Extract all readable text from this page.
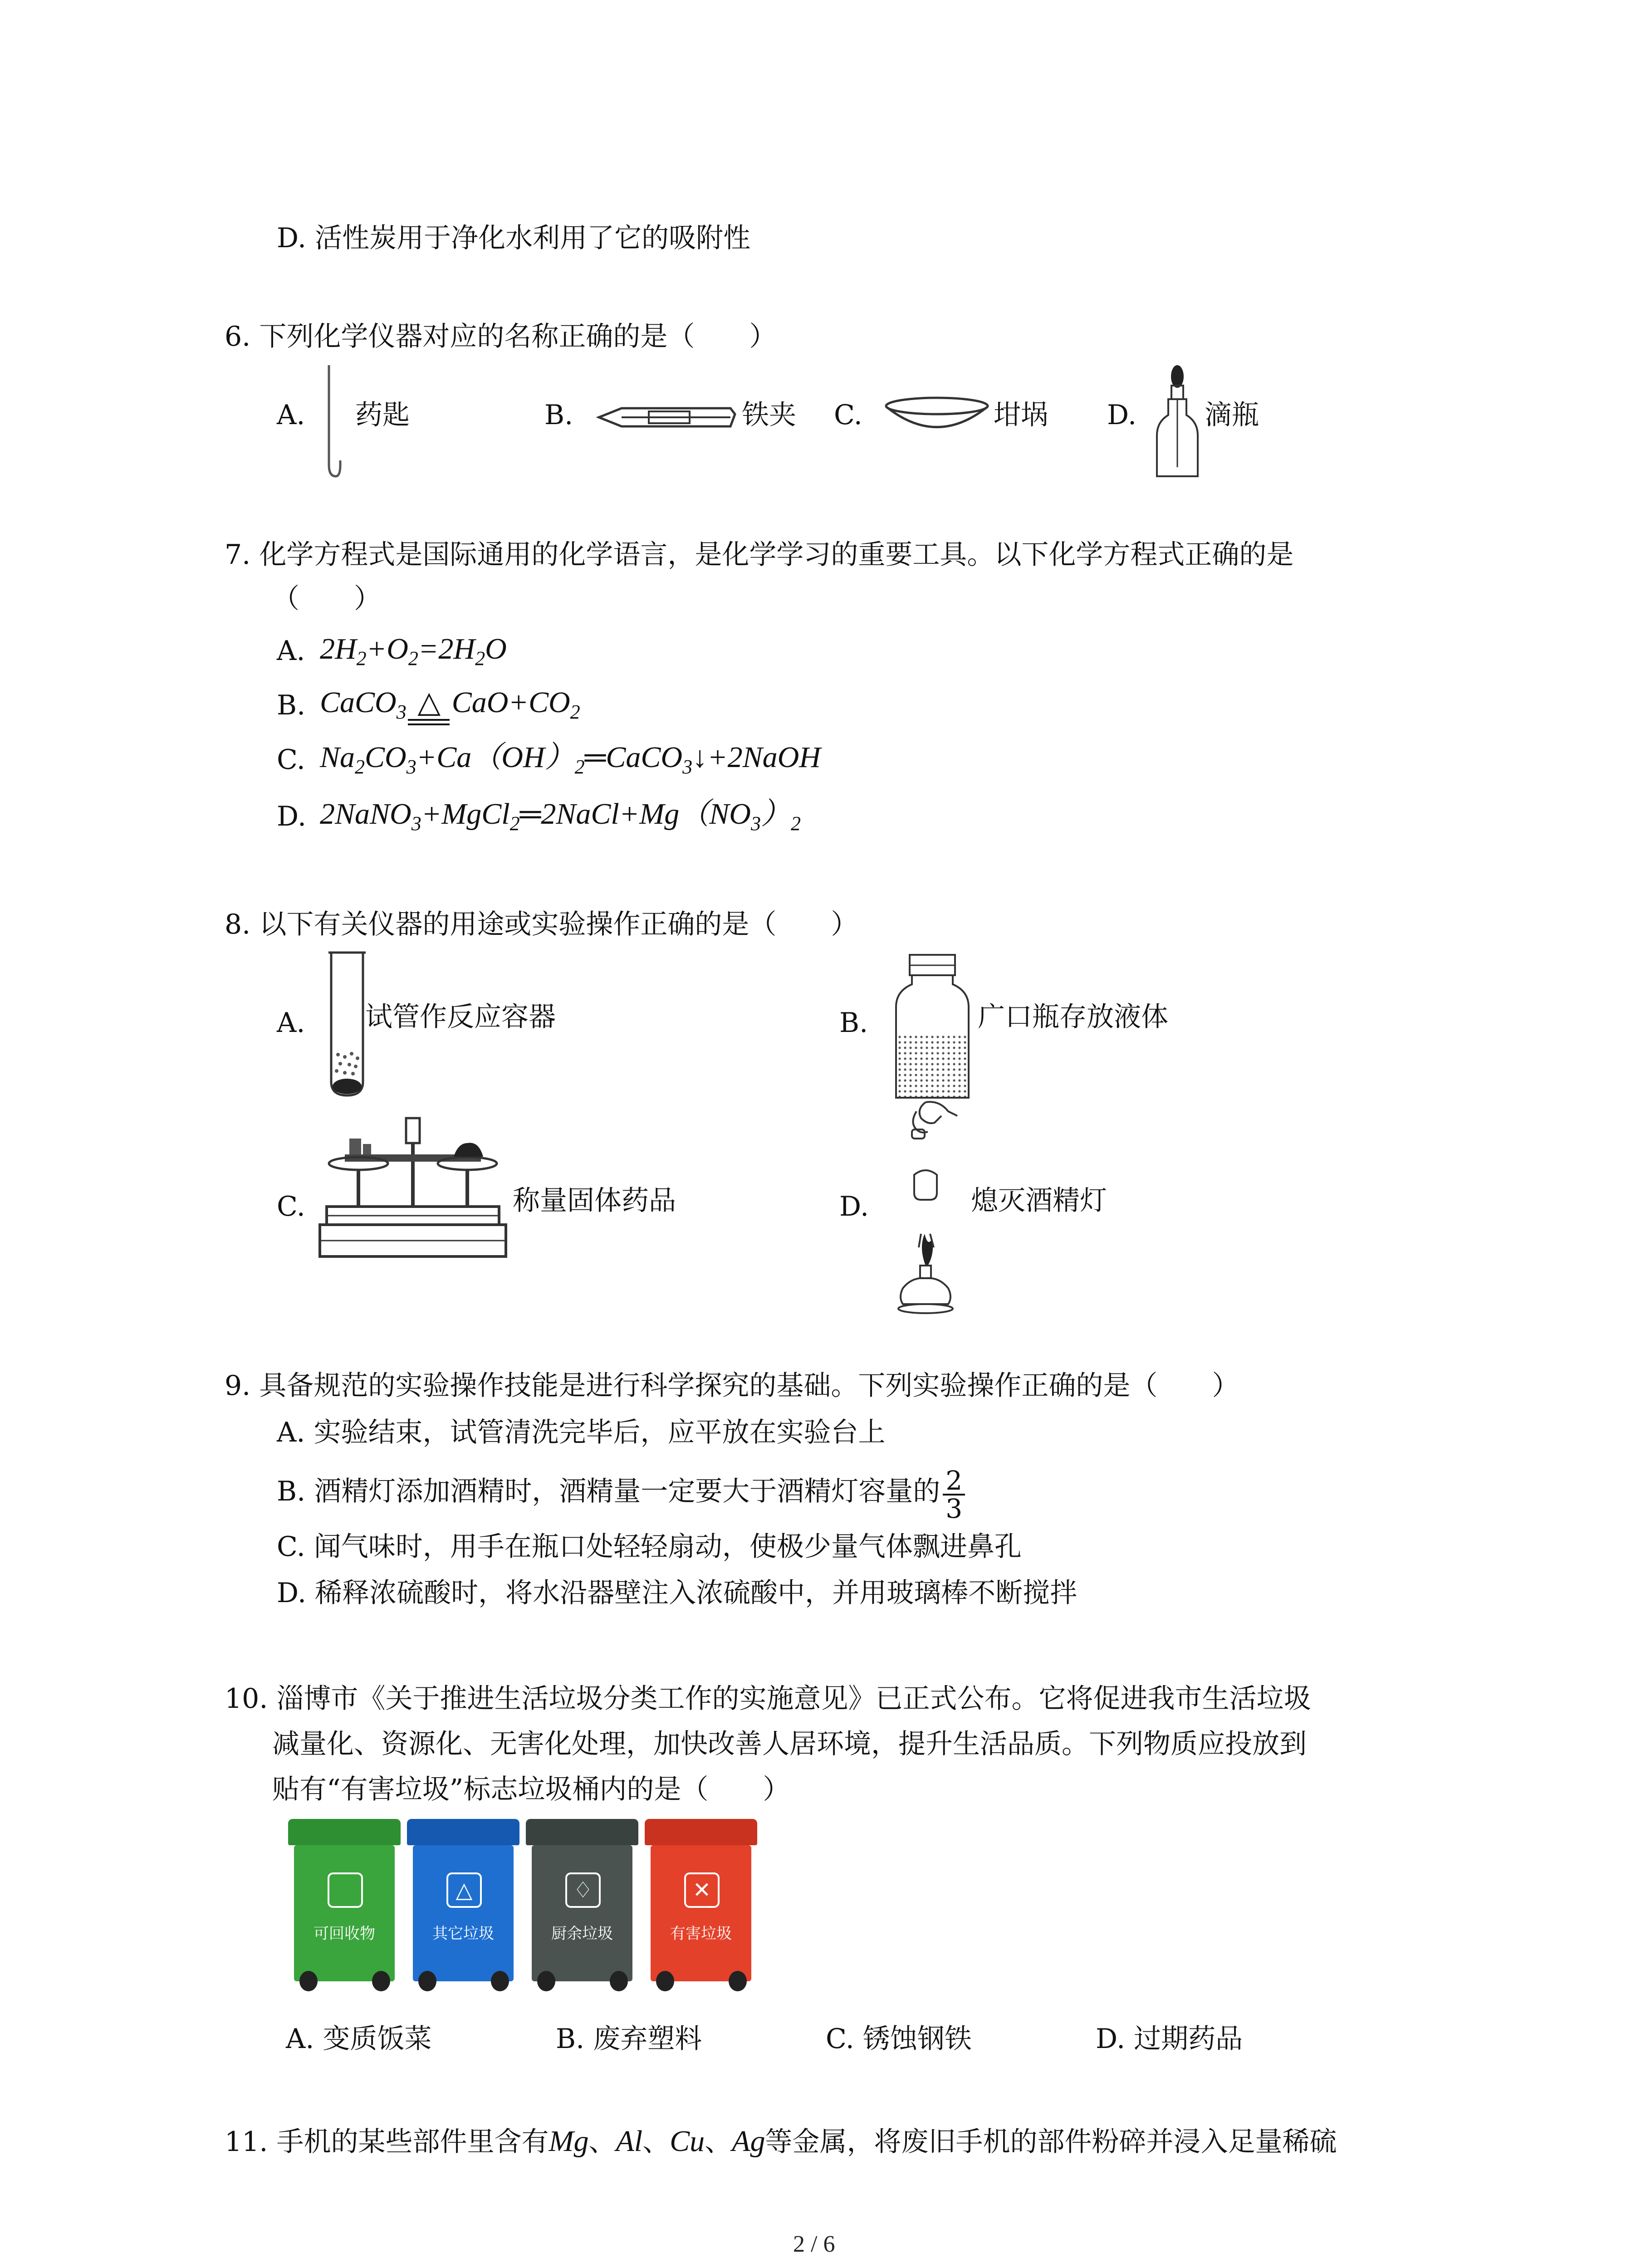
D. 活性炭用于净化水利用了它的吸附性
6. 下列化学仪器对应的名称正确的是（　　）
A. 药匙	B.	铁夹 C.	坩埚 D. 滴瓶
7. 化学方程式是国际通用的化学语言，是化学学习的重要工具。以下化学方程式正确的是
（　　）
A. $2H_2+O_2=2H_2O$
B. CaCO$_3$ △ $CaO+CO_2$
C. $Na_2CO_3+Ca(OH)_2═CaCO_3↓+2NaOH$
D. $2NaNO_3+MgCl_2═2NaCl+Mg(NO_3)_2$
8. 以下有关仪器的用途或实验操作正确的是（　　）
A. 试管作反应容器	B.	广口瓶存放液体
C.	称量固体药品	D.	熄灭酒精灯
9. 具备规范的实验操作技能是进行科学探究的基础。下列实验操作正确的是（　　）
A. 实验结束，试管清洗完毕后，应平放在实验台上
B. 酒精灯添加酒精时，酒精量一定要大于酒精灯容量的 $\frac{2}{3}$
C. 闻气味时，用手在瓶口处轻轻扇动，使极少量气体飘进鼻孔
D. 稀释浓硫酸时，将水沿器壁注入浓硫酸中，并用玻璃棒不断搅拌
10. 淄博市《关于推进生活垃圾分类工作的实施意见》已正式公布。它将促进我市生活垃圾
减量化、资源化、无害化处理，加快改善人居环境，提升生活品质。下列物质应投放到
贴有“有害垃圾”标志垃圾桶内的是（　　）
可回收物
△
其它垃圾
♢
厨余垃圾
✕
有害垃圾
A. 变质饭菜	B. 废弃塑料	C. 锈蚀钢铁	D. 过期药品
11. 手机的某些部件里含有Mg、Al、Cu、Ag等金属，将废旧手机的部件粉碎并浸入足量稀硫
2 / 6
